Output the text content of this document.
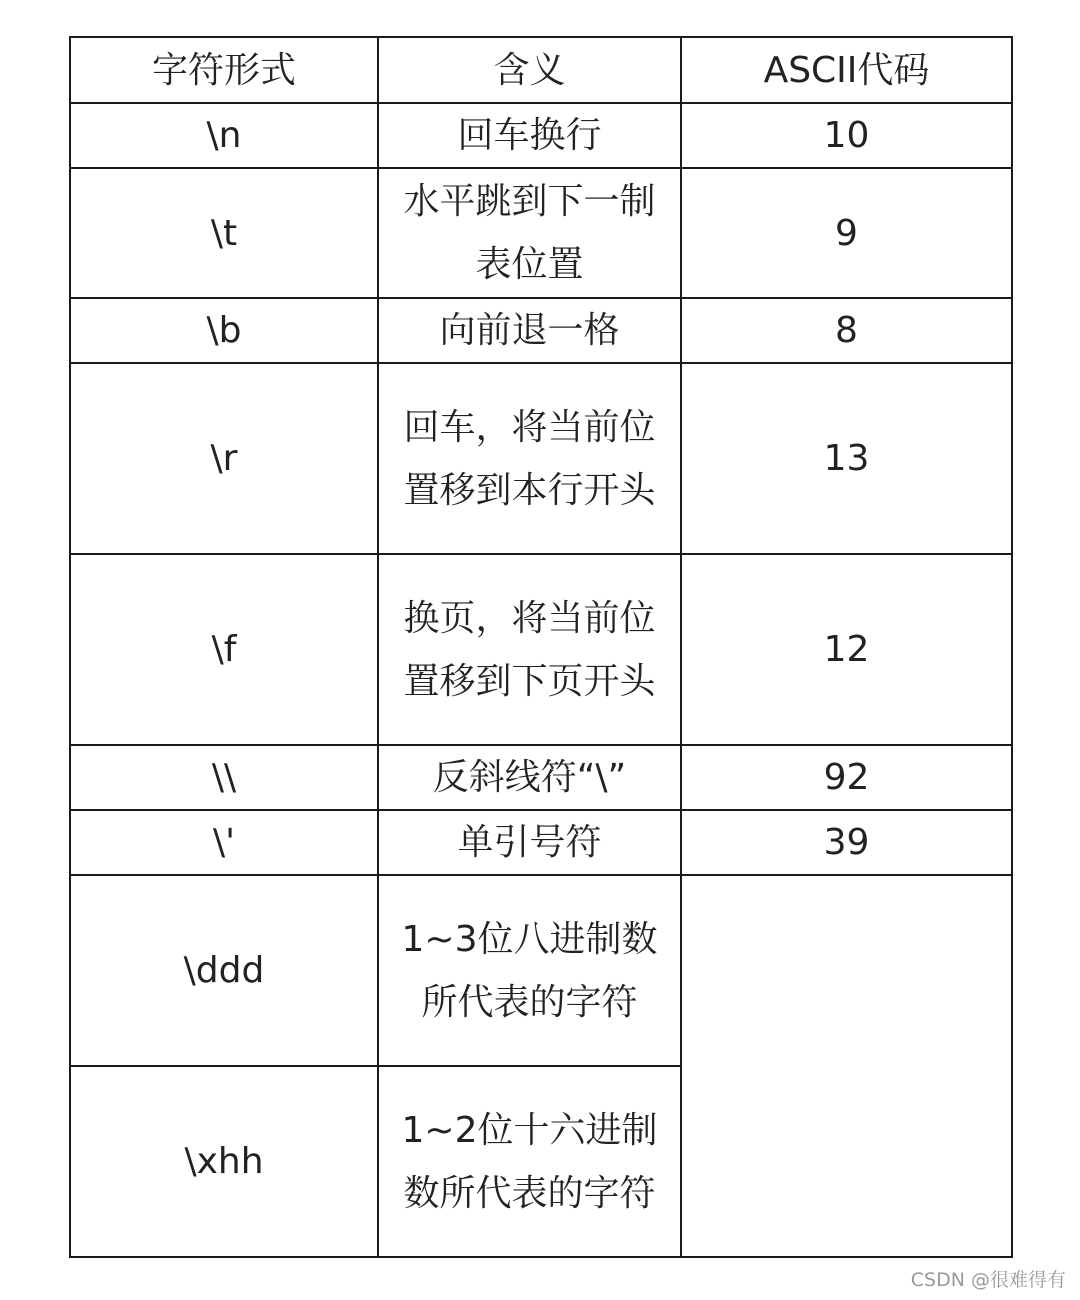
字符形式	含义	ASCII代码
\n	回车换行	10
\t	水平跳到下一制表位置	9
\b	向前退一格	8
\r	回车，将当前位置移到本行开头	13
\f	换页，将当前位置移到下页开头	12
\\	反斜线符“\”	92
\'	单引号符	39
\ddd	1~3位八进制数所代表的字符	
\xhh	1~2位十六进制数所代表的字符	
CSDN @很难得有
